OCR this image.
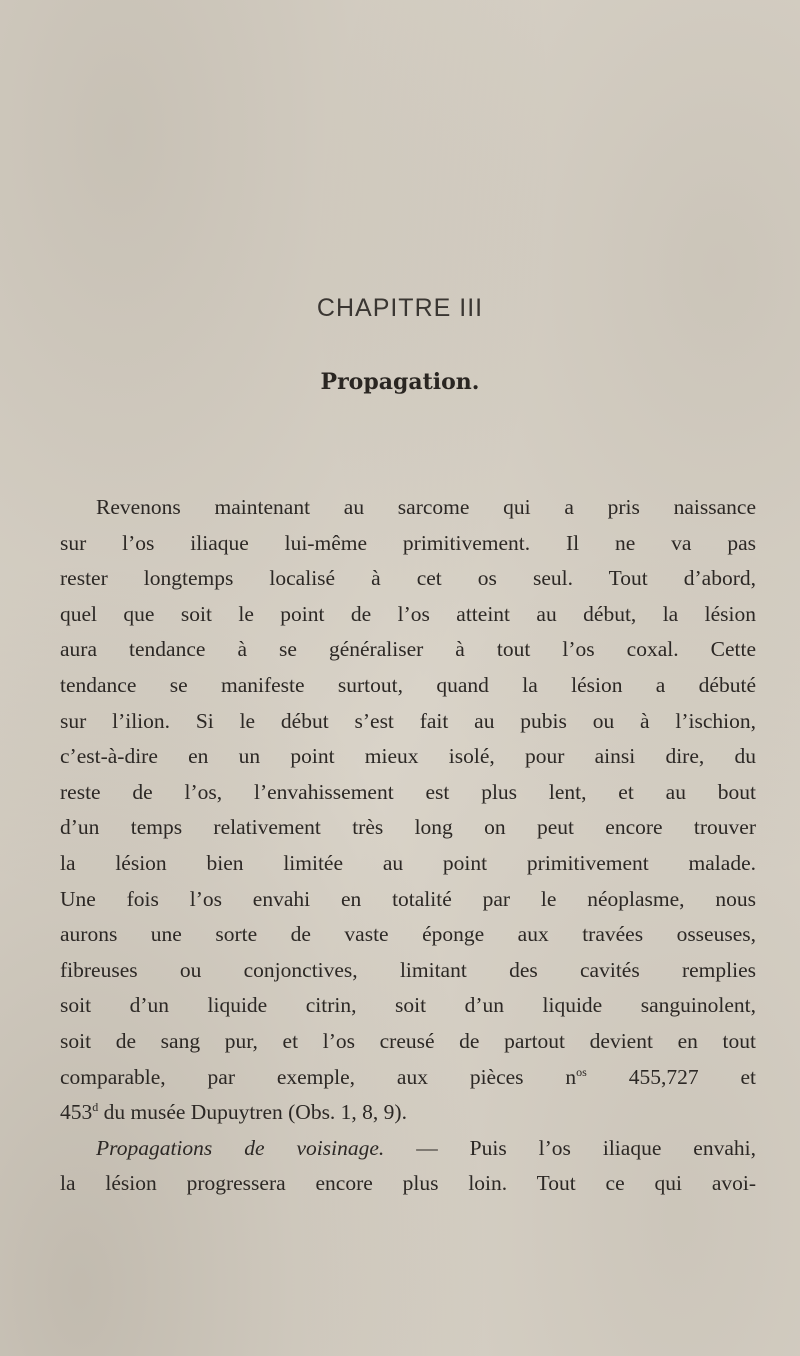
CHAPITRE III
Propagation.
Revenons maintenant au sarcome qui a pris naissance
sur l’os iliaque lui-même primitivement. Il ne va pas
rester longtemps localisé à cet os seul. Tout d’abord,
quel que soit le point de l’os atteint au début, la lésion
aura tendance à se généraliser à tout l’os coxal. Cette
tendance se manifeste surtout, quand la lésion a débuté
sur l’ilion. Si le début s’est fait au pubis ou à l’ischion,
c’est-à-dire en un point mieux isolé, pour ainsi dire, du
reste de l’os, l’envahissement est plus lent, et au bout
d’un temps relativement très long on peut encore trouver
la lésion bien limitée au point primitivement malade.
Une fois l’os envahi en totalité par le néoplasme, nous
aurons une sorte de vaste éponge aux travées osseuses,
fibreuses ou conjonctives, limitant des cavités remplies
soit d’un liquide citrin, soit d’un liquide sanguinolent,
soit de sang pur, et l’os creusé de partout devient en tout
comparable, par exemple, aux pièces $n^{os}$ 455,727 et
453$^d$ du musée Dupuytren (Obs. 1, 8, 9).
Propagations de voisinage. — Puis l’os iliaque envahi,
la lésion progressera encore plus loin. Tout ce qui avoi-
